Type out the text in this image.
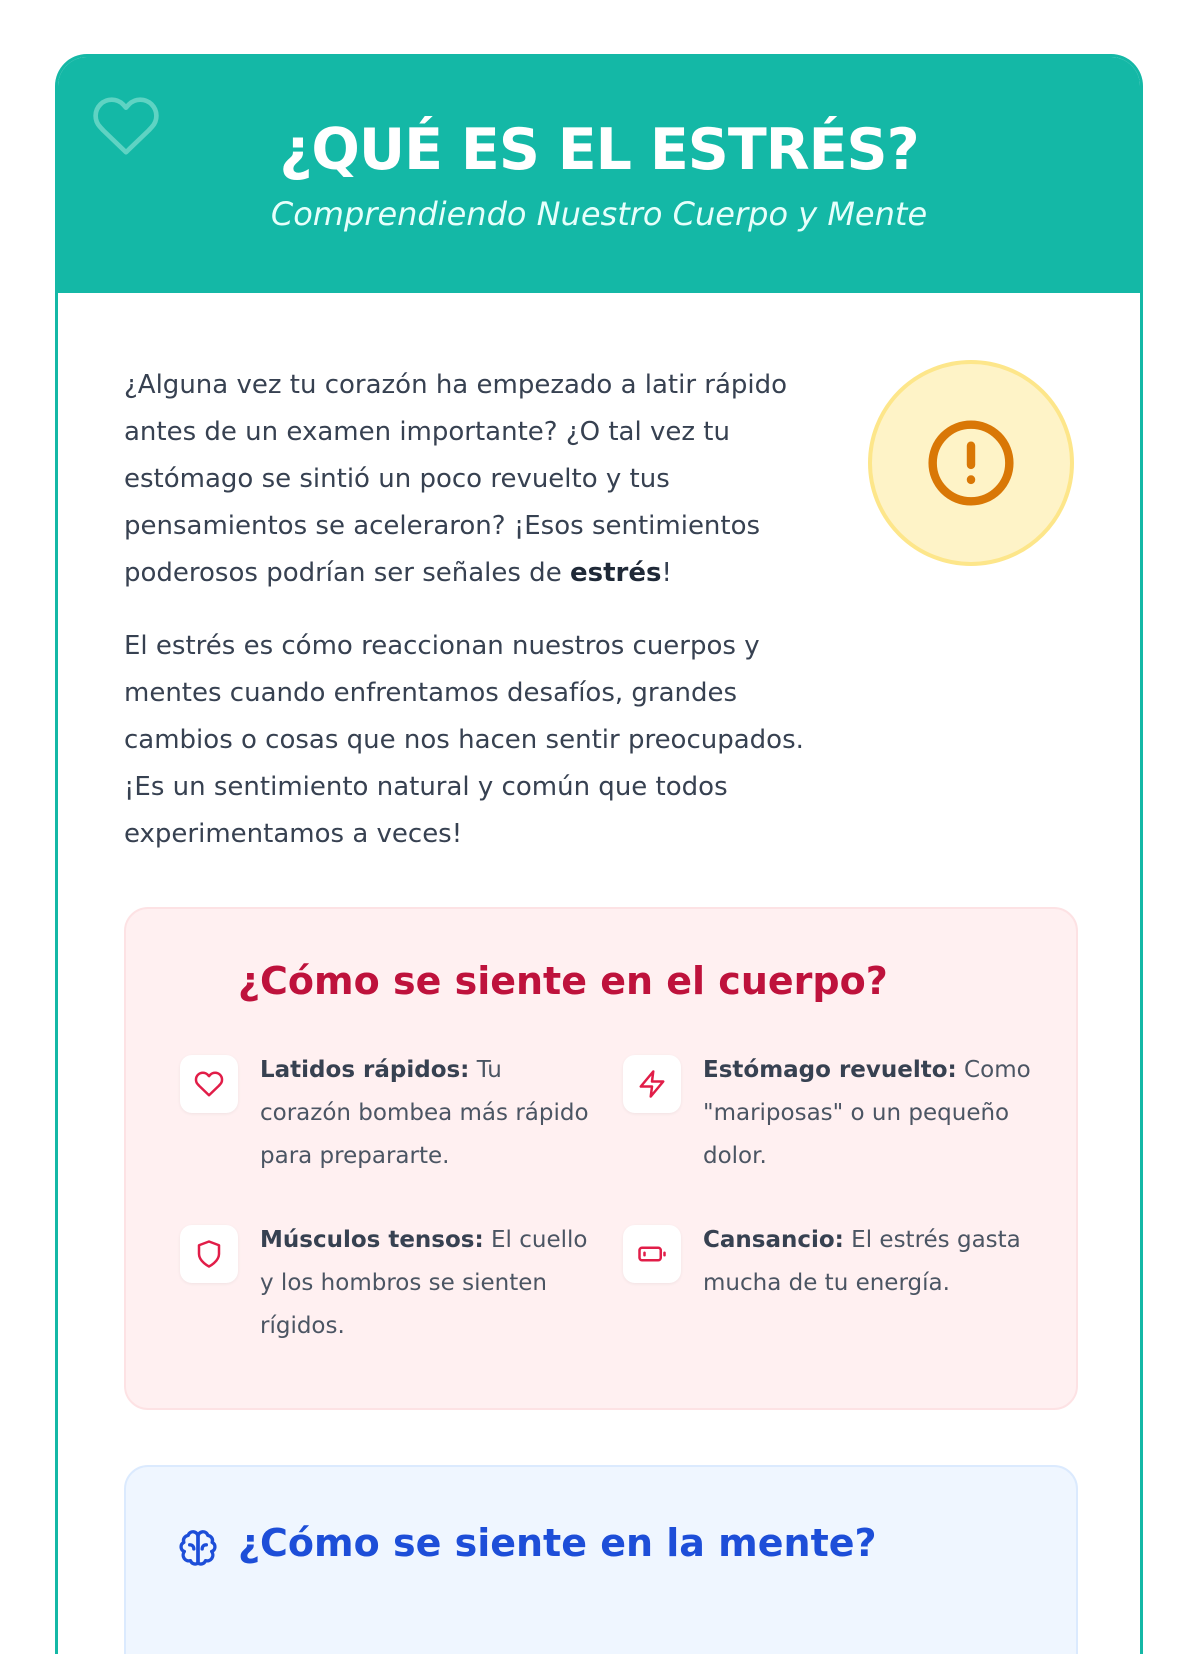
¿QUÉ ES EL ESTRÉS?

Comprendiendo Nuestro Cuerpo y Mente

¿Alguna vez tu corazón ha empezado a latir rápido antes de un examen importante? ¿O tal vez tu estómago se sintió un poco revuelto y tus pensamientos se aceleraron? ¡Esos sentimientos poderosos podrían ser señales de estrés!

El estrés es cómo reaccionan nuestros cuerpos y mentes cuando enfrentamos desafíos, grandes cambios o cosas que nos hacen sentir preocupados. ¡Es un sentimiento natural y común que todos experimentamos a veces!

¿Cómo se siente en el cuerpo?
Latidos rápidos: Tu corazón bombea más rápido para prepararte.
Estómago revuelto: Como "mariposas" o un pequeño dolor.
Músculos tensos: El cuello y los hombros se sienten rígidos.
Cansancio: El estrés gasta mucha de tu energía.
¿Cómo se siente en la mente?
